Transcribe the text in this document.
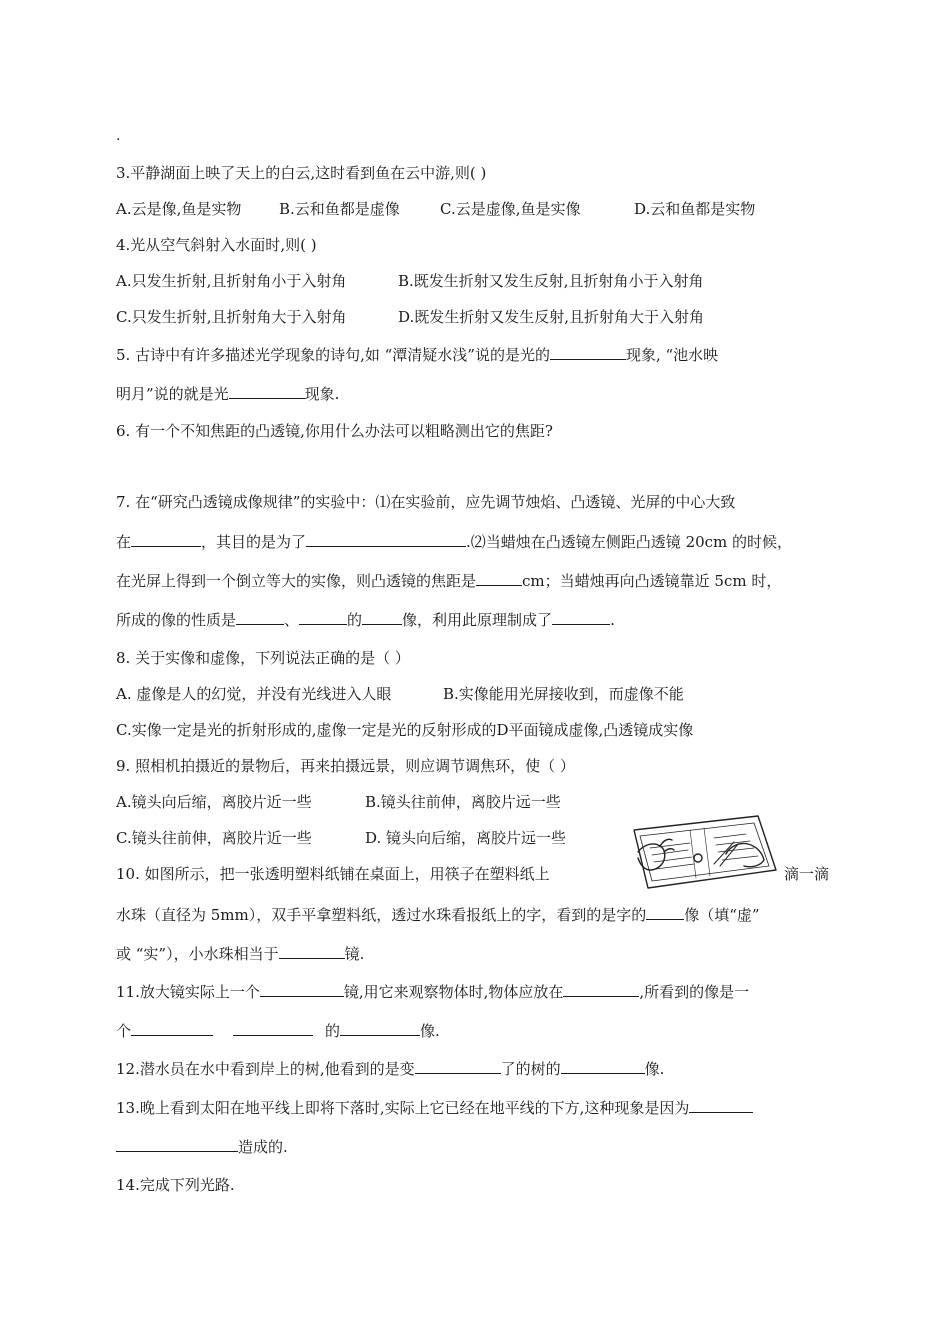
.
3.平静湖面上映了天上的白云,这时看到鱼在云中游,则( )
A.云是像,鱼是实物	B.云和鱼都是虚像	C.云是虚像,鱼是实像	D.云和鱼都是实物
4.光从空气斜射入水面时,则( )
A.只发生折射,且折射角小于入射角	B.既发生折射又发生反射,且折射角小于入射角
C.只发生折射,且折射角大于入射角	D.既发生折射又发生反射,且折射角大于入射角
5. 古诗中有许多描述光学现象的诗句,如 “潭清疑水浅”说的是光的	现象, “池水映
明月”说的就是光	现象.
6. 有一个不知焦距的凸透镜,你用什么办法可以粗略测出它的焦距?
7. 在“研究凸透镜成像规律”的实验中：⑴在实验前，应先调节烛焰、凸透镜、光屏的中心大致
在	，其目的是为了	.⑵当蜡烛在凸透镜左侧距凸透镜 20cm 的时候，
在光屏上得到一个倒立等大的实像，则凸透镜的焦距是	cm；当蜡烛再向凸透镜靠近 5cm 时，
所成的像的性质是	、	的	像，利用此原理制成了	.
8. 关于实像和虚像，下列说法正确的是（ ）
A. 虚像是人的幻觉，并没有光线进入人眼	B.实像能用光屏接收到，而虚像不能
C.实像一定是光的折射形成的,虚像一定是光的反射形成的D平面镜成虚像,凸透镜成实像
9. 照相机拍摄近的景物后，再来拍摄远景，则应调节调焦环，使（ ）
A.镜头向后缩，离胶片近一些	B.镜头往前伸，离胶片远一些
C.镜头往前伸，离胶片近一些	D. 镜头向后缩，离胶片远一些
10. 如图所示，把一张透明塑料纸铺在桌面上，用筷子在塑料纸上	滴一滴
水珠（直径为 5mm），双手平拿塑料纸，透过水珠看报纸上的字，看到的是字的	像（填“虚”
或 “实”），小水珠相当于	镜.
11.放大镜实际上一个	镜,用它来观察物体时,物体应放在	,所看到的像是一
个	的	像.
12.潜水员在水中看到岸上的树,他看到的是变	了的树的	像.
13.晚上看到太阳在地平线上即将下落时,实际上它已经在地平线的下方,这种现象是因为
造成的.
14.完成下列光路.
